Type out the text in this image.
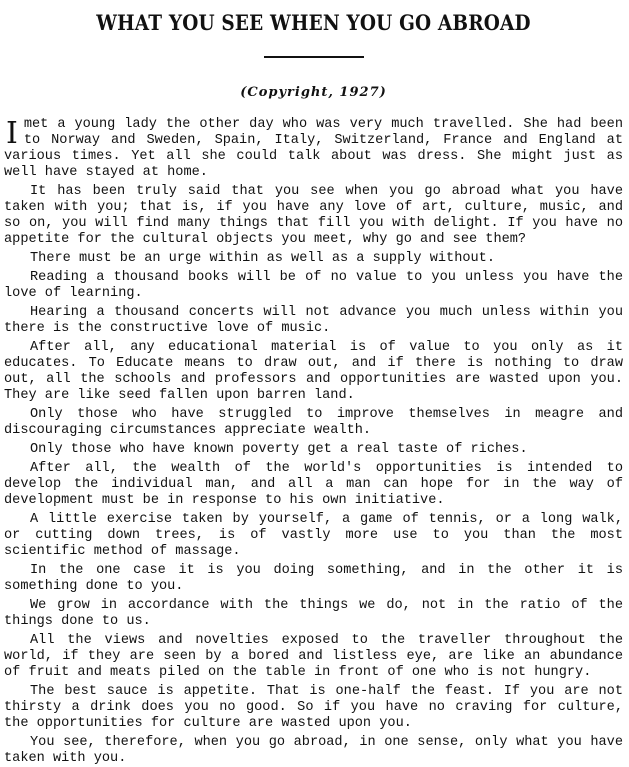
WHAT YOU SEE WHEN YOU GO ABROAD
(Copyright, 1927)

Imet a young lady the other day who was very much travelled. She had been to Norway and Sweden, Spain, Italy, Switzerland, France and England at various times. Yet all she could talk about was dress. She might just as well have stayed at home.

It has been truly said that you see when you go abroad what you have taken with you; that is, if you have any love of art, culture, music, and so on, you will find many things that fill you with delight. If you have no appetite for the cultural objects you meet, why go and see them?

There must be an urge within as well as a supply without.

Reading a thousand books will be of no value to you unless you have the love of learning.

Hearing a thousand concerts will not advance you much unless within you there is the constructive love of music.

After all, any educational material is of value to you only as it educates. To Educate means to draw out, and if there is nothing to draw out, all the schools and professors and opportunities are wasted upon you. They are like seed fallen upon barren land.

Only those who have struggled to improve themselves in meagre and discouraging circumstances appreciate wealth.

Only those who have known poverty get a real taste of riches.

After all, the wealth of the world's opportunities is intended to develop the individual man, and all a man can hope for in the way of development must be in response to his own initiative.

A little exercise taken by yourself, a game of tennis, or a long walk, or cutting down trees, is of vastly more use to you than the most scientific method of massage.

In the one case it is you doing something, and in the other it is something done to you.

We grow in accordance with the things we do, not in the ratio of the things done to us.

All the views and novelties exposed to the traveller throughout the world, if they are seen by a bored and listless eye, are like an abundance of fruit and meats piled on the table in front of one who is not hungry.

The best sauce is appetite. That is one-half the feast. If you are not thirsty a drink does you no good. So if you have no craving for culture, the opportunities for culture are wasted upon you.

You see, therefore, when you go abroad, in one sense, only what you have taken with you.
